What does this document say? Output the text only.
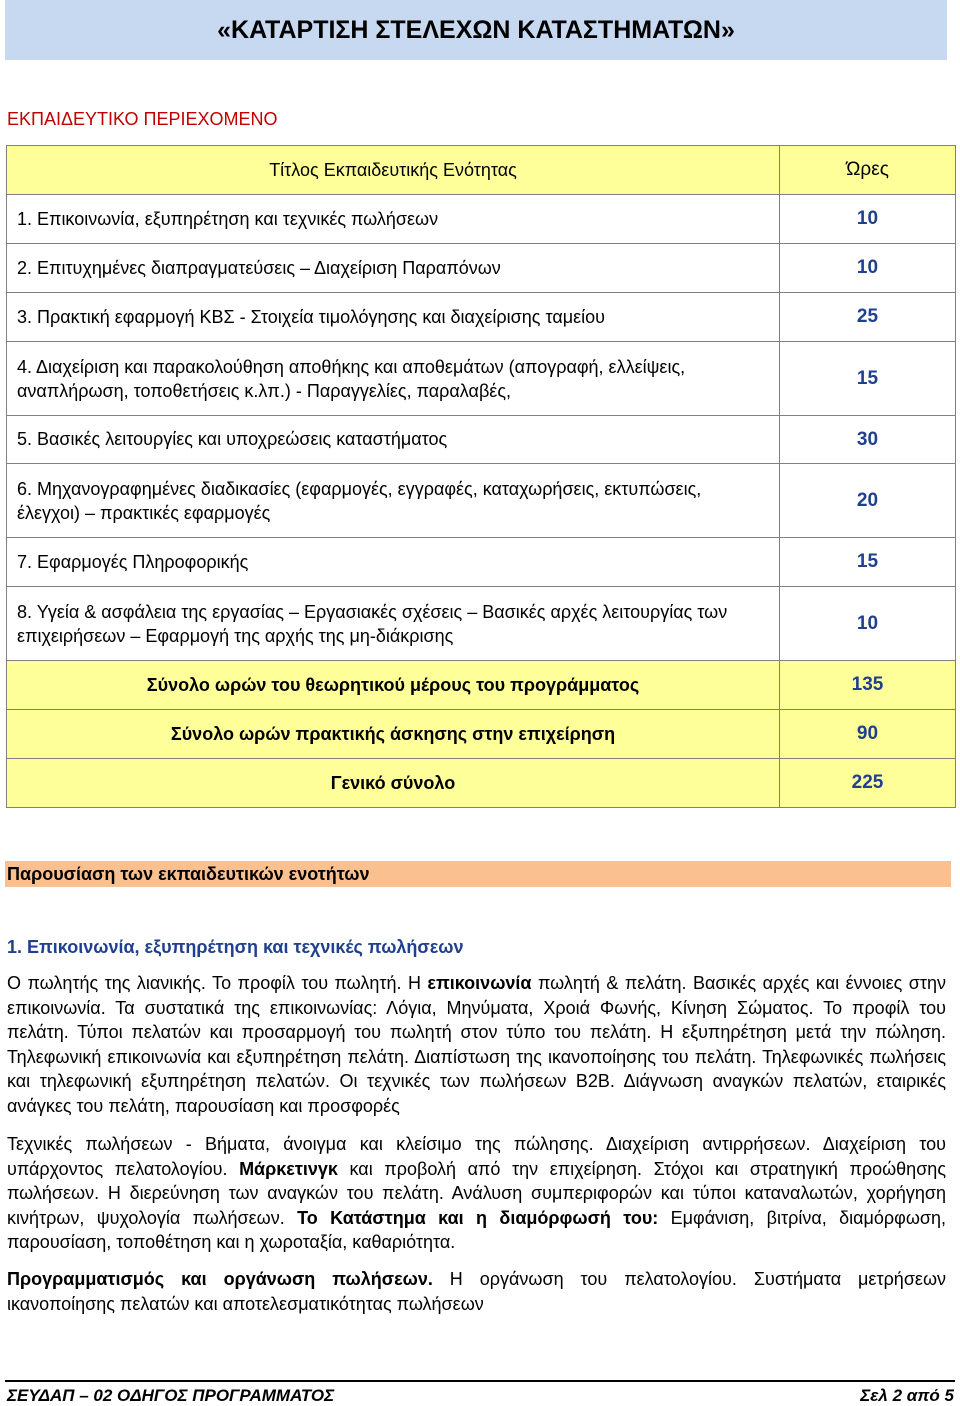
«ΚΑΤΑΡΤΙΣΗ ΣΤΕΛΕΧΩΝ ΚΑΤΑΣΤΗΜΑΤΩΝ»
ΕΚΠΑΙΔΕΥΤΙΚΟ ΠΕΡΙΕΧΟΜΕΝΟ
Τίτλος Εκπαιδευτικής Ενότητας	Ώρες
1. Επικοινωνία, εξυπηρέτηση και τεχνικές πωλήσεων	10
2. Επιτυχημένες διαπραγματεύσεις – Διαχείριση Παραπόνων	10
3. Πρακτική εφαρμογή ΚΒΣ - Στοιχεία τιμολόγησης και διαχείρισης ταμείου	25
4. Διαχείριση και παρακολούθηση αποθήκης και αποθεμάτων (απογραφή, ελλείψεις, αναπλήρωση, τοποθετήσεις κ.λπ.) - Παραγγελίες, παραλαβές,	15
5. Βασικές λειτουργίες και υποχρεώσεις καταστήματος	30
6. Μηχανογραφημένες διαδικασίες (εφαρμογές, εγγραφές, καταχωρήσεις, εκτυπώσεις, έλεγχοι) – πρακτικές εφαρμογές	20
7. Εφαρμογές Πληροφορικής	15
8. Υγεία & ασφάλεια της εργασίας – Εργασιακές σχέσεις – Βασικές αρχές λειτουργίας των επιχειρήσεων – Εφαρμογή της αρχής της μη-διάκρισης	10
Σύνολο ωρών του θεωρητικού μέρους του προγράμματος	135
Σύνολο ωρών πρακτικής άσκησης στην επιχείρηση	90
Γενικό σύνολο	225
Παρουσίαση των εκπαιδευτικών ενοτήτων
1. Επικοινωνία, εξυπηρέτηση και τεχνικές πωλήσεων

Ο πωλητής της λιανικής. Το προφίλ του πωλητή. Η επικοινωνία πωλητή & πελάτη. Βασικές αρχές και έννοιες στην επικοινωνία. Τα συστατικά της επικοινωνίας: Λόγια, Μηνύματα, Χροιά Φωνής, Κίνηση Σώματος. Το προφίλ του πελάτη. Τύποι πελατών και προσαρμογή του πωλητή στον τύπο του πελάτη. Η εξυπηρέτηση μετά την πώληση. Τηλεφωνική επικοινωνία και εξυπηρέτηση πελάτη. Διαπίστωση της ικανοποίησης του πελάτη. Τηλεφωνικές πωλήσεις και τηλεφωνική εξυπηρέτηση πελατών. Οι τεχνικές των πωλήσεων Β2Β. Διάγνωση αναγκών πελατών, εταιρικές ανάγκες του πελάτη, παρουσίαση και προσφορές

Τεχνικές πωλήσεων - Βήματα, άνοιγμα και κλείσιμο της πώλησης. Διαχείριση αντιρρήσεων. Διαχείριση του υπάρχοντος πελατολογίου. Μάρκετινγκ και προβολή από την επιχείρηση. Στόχοι και στρατηγική προώθησης πωλήσεων. Η διερεύνηση των αναγκών του πελάτη. Ανάλυση συμπεριφορών και τύποι καταναλωτών, χορήγηση κινήτρων, ψυχολογία πωλήσεων. Το Κατάστημα και η διαμόρφωσή του: Εμφάνιση, βιτρίνα, διαμόρφωση, παρουσίαση, τοποθέτηση και η χωροταξία, καθαριότητα.

Προγραμματισμός και οργάνωση πωλήσεων. Η οργάνωση του πελατολογίου. Συστήματα μετρήσεων ικανοποίησης πελατών και αποτελεσματικότητας πωλήσεων

ΣΕΥΔΑΠ – 02 ΟΔΗΓΟΣ ΠΡΟΓΡΑΜΜΑΤΟΣ	Σελ 2 από 5
